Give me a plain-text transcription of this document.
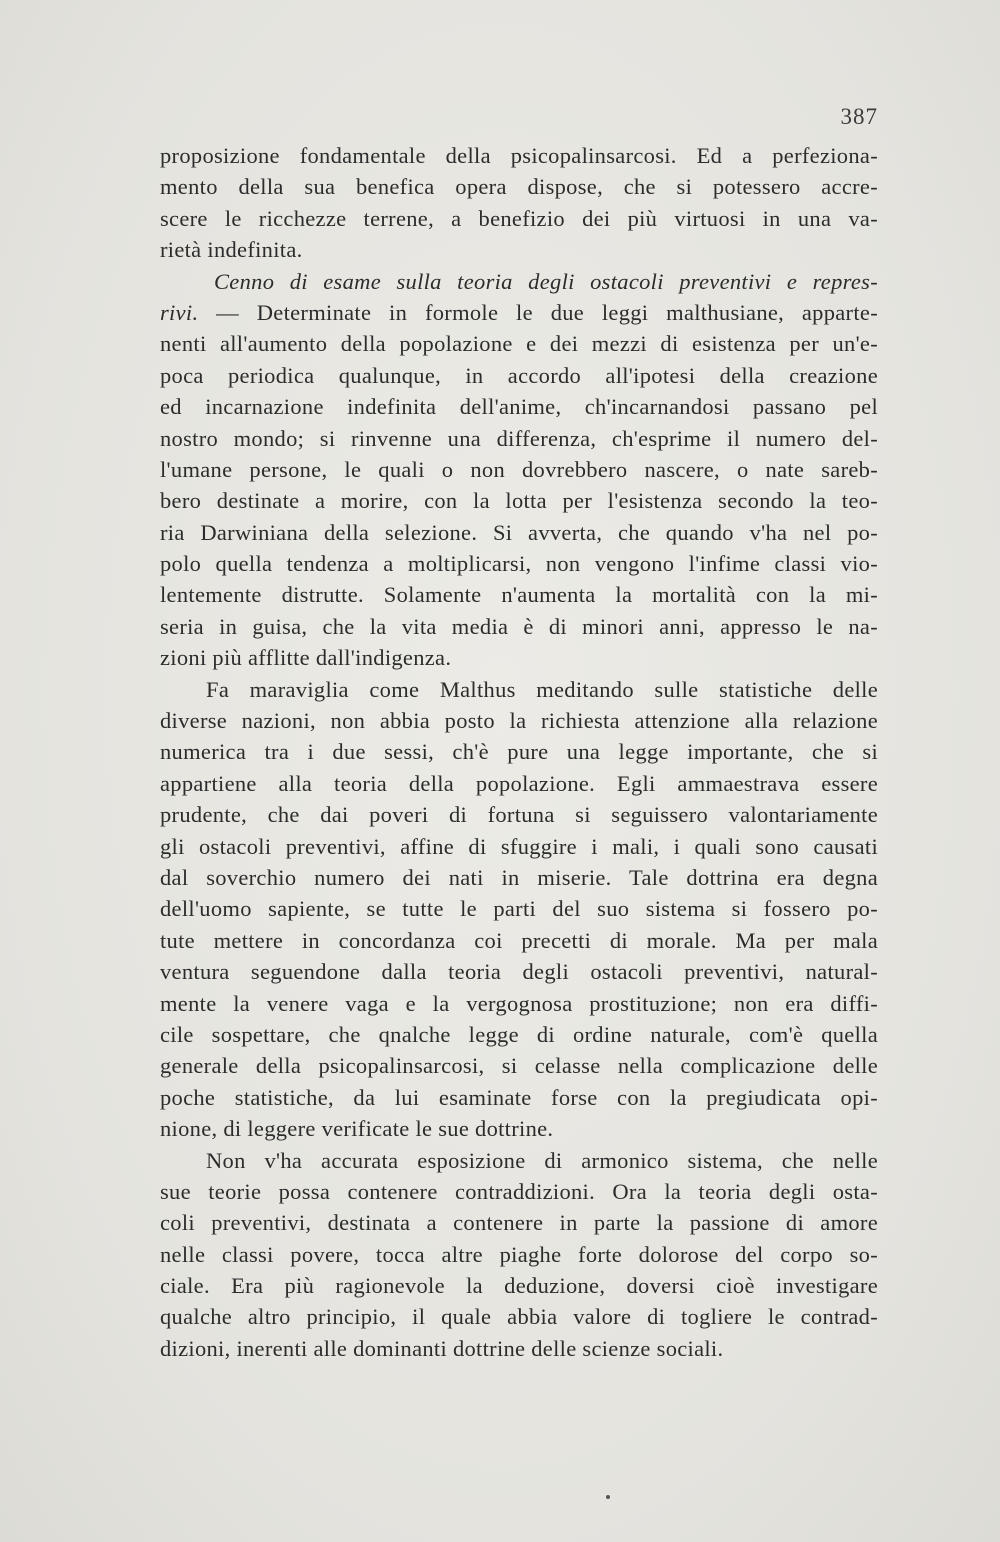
387
proposizione fondamentale della psicopalinsarcosi. Ed a perfeziona-
mento della sua benefica opera dispose, che si potessero accre-
scere le ricchezze terrene, a benefizio dei più virtuosi in una va-
rietà indefinita.
Cenno di esame sulla teoria degli ostacoli preventivi e repres-
rivi. — Determinate in formole le due leggi malthusiane, apparte-
nenti all'aumento della popolazione e dei mezzi di esistenza per un'e-
poca periodica qualunque, in accordo all'ipotesi della creazione
ed incarnazione indefinita dell'anime, ch'incarnandosi passano pel
nostro mondo; si rinvenne una differenza, ch'esprime il numero del-
l'umane persone, le quali o non dovrebbero nascere, o nate sareb-
bero destinate a morire, con la lotta per l'esistenza secondo la teo-
ria Darwiniana della selezione. Si avverta, che quando v'ha nel po-
polo quella tendenza a moltiplicarsi, non vengono l'infime classi vio-
lentemente distrutte. Solamente n'aumenta la mortalità con la mi-
seria in guisa, che la vita media è di minori anni, appresso le na-
zioni più afflitte dall'indigenza.
Fa maraviglia come Malthus meditando sulle statistiche delle
diverse nazioni, non abbia posto la richiesta attenzione alla relazione
numerica tra i due sessi, ch'è pure una legge importante, che si
appartiene alla teoria della popolazione. Egli ammaestrava essere
prudente, che dai poveri di fortuna si seguissero valontariamente
gli ostacoli preventivi, affine di sfuggire i mali, i quali sono causati
dal soverchio numero dei nati in miserie. Tale dottrina era degna
dell'uomo sapiente, se tutte le parti del suo sistema si fossero po-
tute mettere in concordanza coi precetti di morale. Ma per mala
ventura seguendone dalla teoria degli ostacoli preventivi, natural-
mente la venere vaga e la vergognosa prostituzione; non era diffi-
cile sospettare, che qnalche legge di ordine naturale, com'è quella
generale della psicopalinsarcosi, si celasse nella complicazione delle
poche statistiche, da lui esaminate forse con la pregiudicata opi-
nione, di leggere verificate le sue dottrine.
Non v'ha accurata esposizione di armonico sistema, che nelle
sue teorie possa contenere contraddizioni. Ora la teoria degli osta-
coli preventivi, destinata a contenere in parte la passione di amore
nelle classi povere, tocca altre piaghe forte dolorose del corpo so-
ciale. Era più ragionevole la deduzione, doversi cioè investigare
qualche altro principio, il quale abbia valore di togliere le contrad-
dizioni, inerenti alle dominanti dottrine delle scienze sociali.
